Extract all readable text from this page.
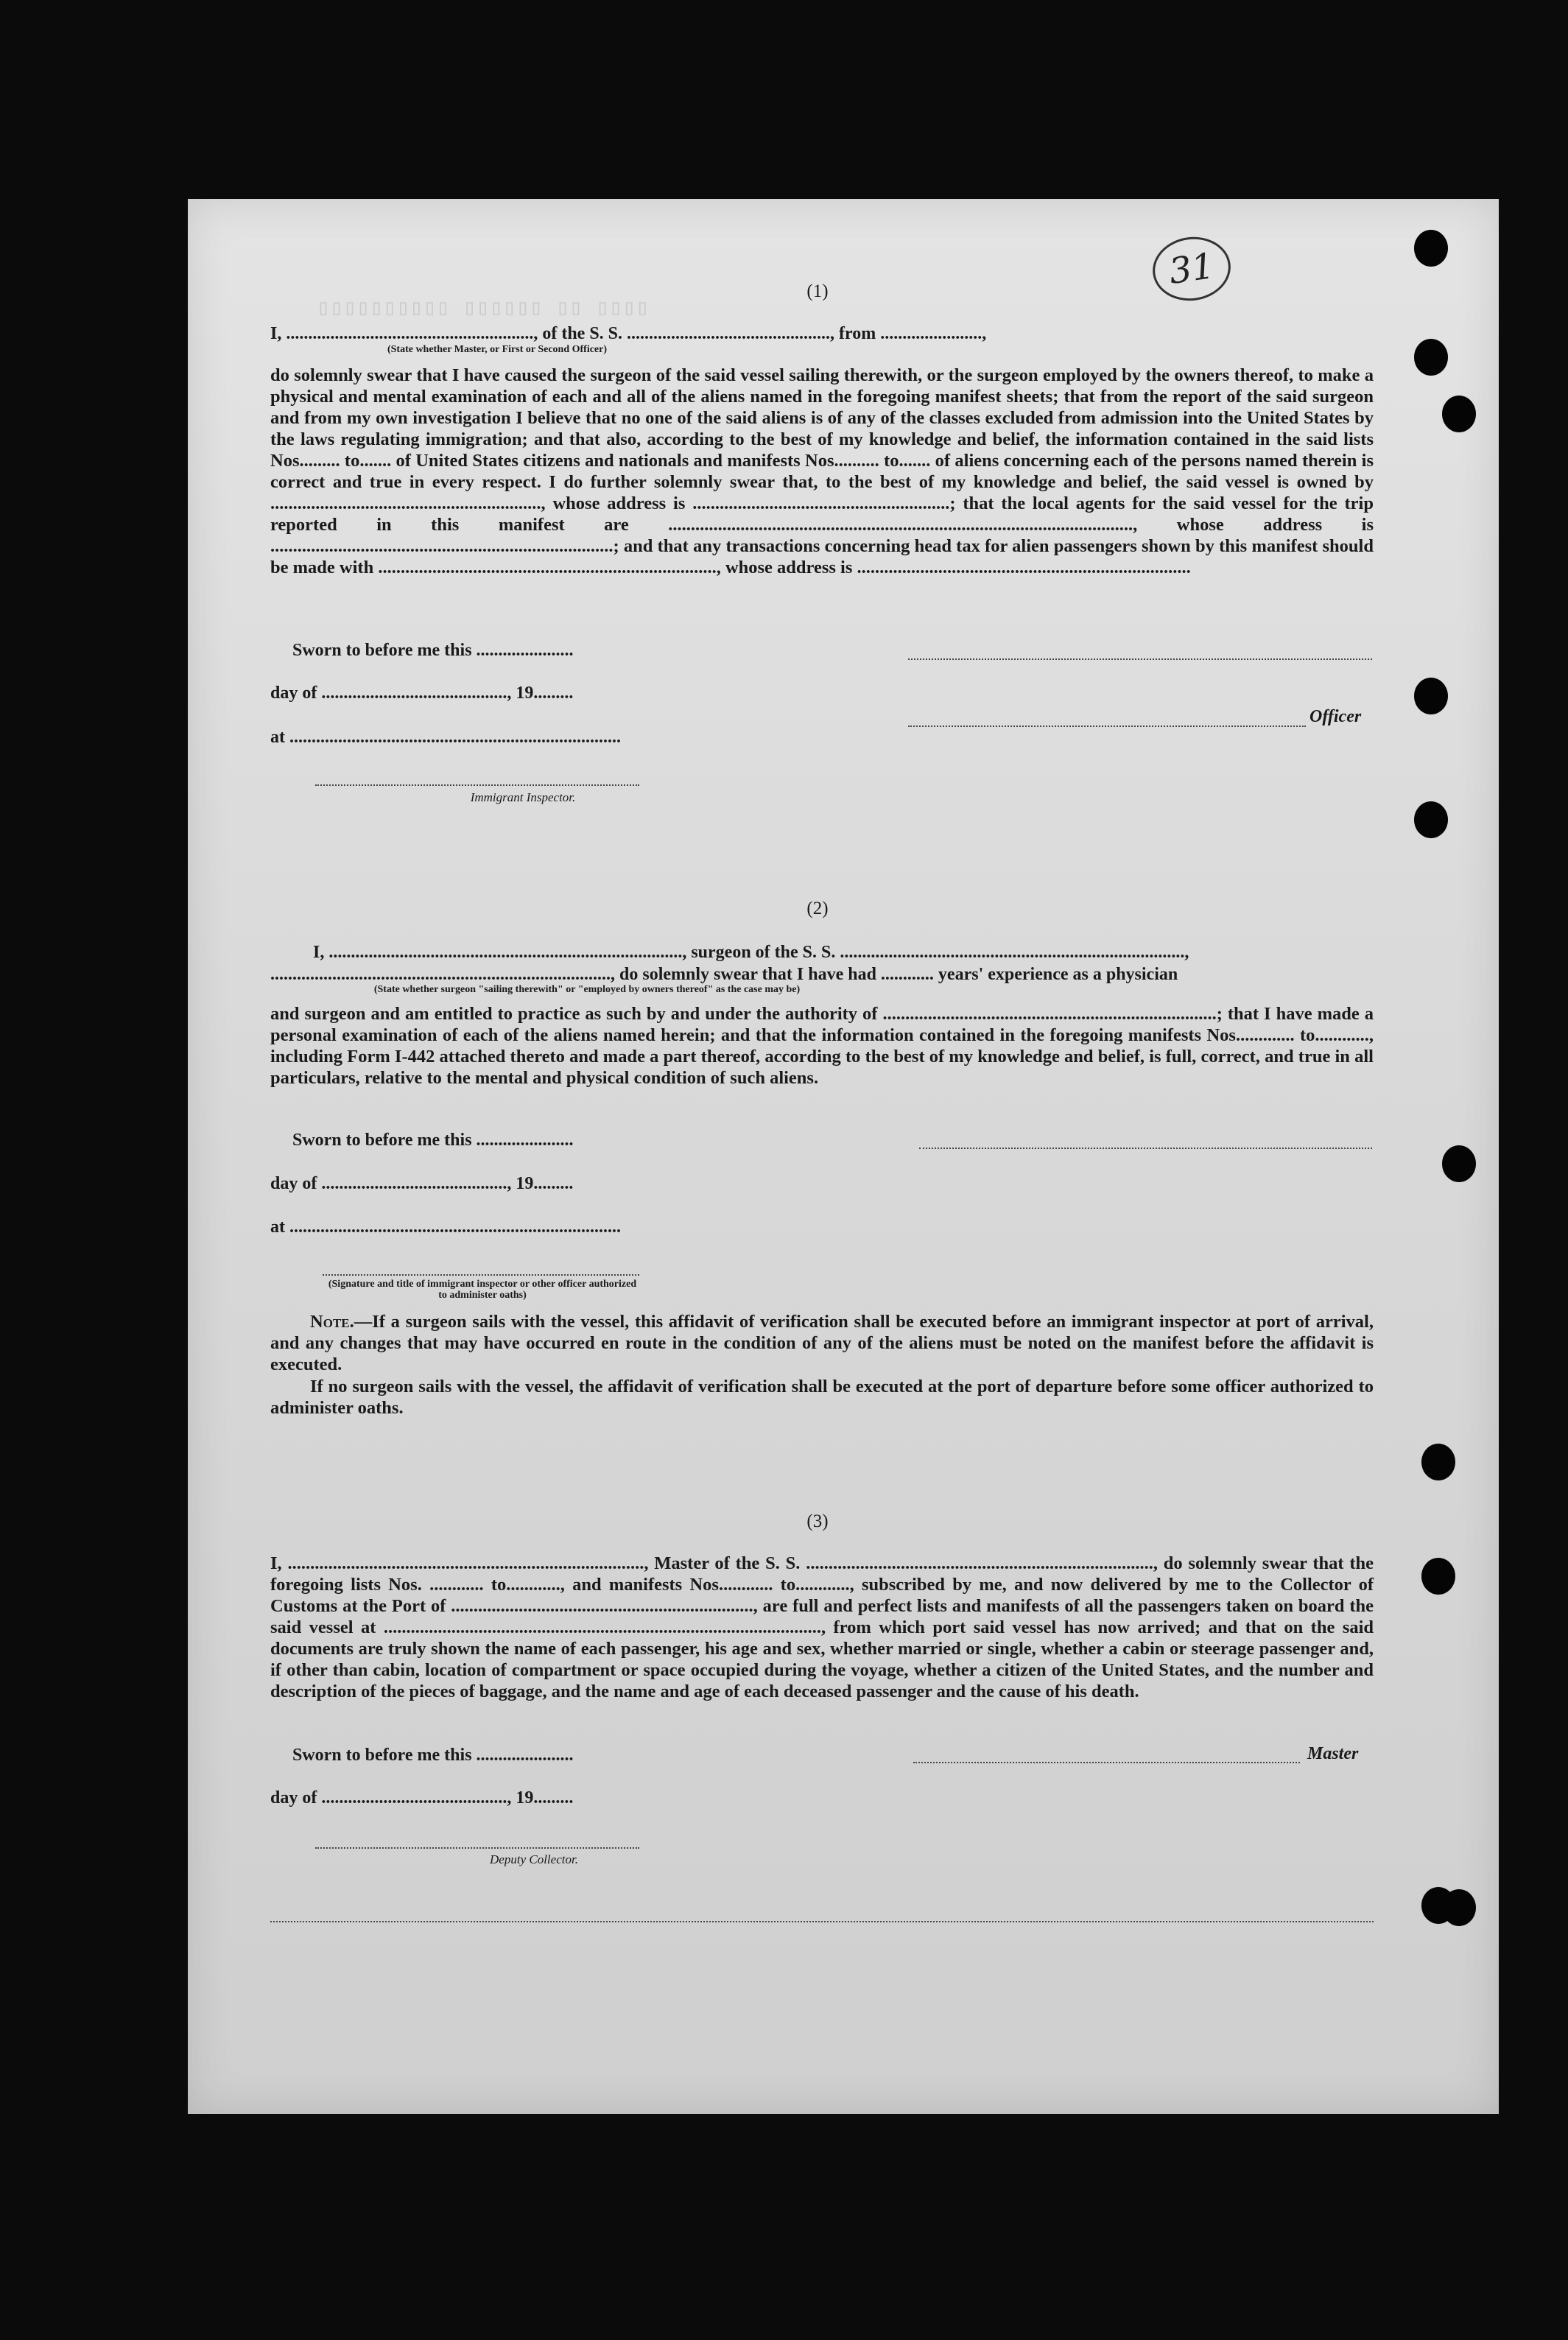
31
▯▯▯▯ ▯▯ ▯▯▯▯▯▯ ▯▯▯▯▯▯▯▯▯▯
(1)
I, ........................................................, of the S. S. .............................................., from .......................,
(State whether Master, or First or Second Officer)
do solemnly swear that I have caused the surgeon of the said vessel sailing therewith, or the surgeon employed by the owners thereof, to make a physical and mental examination of each and all of the aliens named in the foregoing manifest sheets; that from the report of the said surgeon and from my own investigation I believe that no one of the said aliens is of any of the classes excluded from admission into the United States by the laws regulating immigration; and that also, according to the best of my knowledge and belief, the information contained in the said lists Nos......... to....... of United States citizens and nationals and manifests Nos.......... to....... of aliens concerning each of the persons named therein is correct and true in every respect. I do further solemnly swear that, to the best of my knowledge and belief, the said vessel is owned by ............................................................, whose address is .........................................................; that the local agents for the said vessel for the trip reported in this manifest are ......................................................................................................., whose address is ............................................................................; and that any transactions concerning head tax for alien passengers shown by this manifest should be made with ..........................................................................., whose address is ..........................................................................
Sworn to before me this ......................
day of .........................................., 19.........
Officer
at ...........................................................................
Immigrant Inspector.
(2)
I, ................................................................................, surgeon of the S. S. ..............................................................................,
............................................................................., do solemnly swear that I have had ............ years' experience as a physician
(State whether surgeon "sailing therewith" or "employed by owners thereof" as the case may be)
and surgeon and am entitled to practice as such by and under the authority of ..........................................................................; that I have made a personal examination of each of the aliens named herein; and that the information contained in the foregoing manifests Nos............. to............, including Form I-442 attached thereto and made a part thereof, according to the best of my knowledge and belief, is full, correct, and true in all particulars, relative to the mental and physical condition of such aliens.
Sworn to before me this ......................
day of .........................................., 19.........
at ...........................................................................
(Signature and title of immigrant inspector or other officer authorized to administer oaths)
Note.—If a surgeon sails with the vessel, this affidavit of verification shall be executed before an immigrant inspector at port of arrival, and any changes that may have occurred en route in the condition of any of the aliens must be noted on the manifest before the affidavit is executed.
If no surgeon sails with the vessel, the affidavit of verification shall be executed at the port of departure before some officer authorized to administer oaths.
(3)
I, ..............................................................................., Master of the S. S. ............................................................................., do solemnly swear that the foregoing lists Nos. ............ to............, and manifests Nos............ to............, subscribed by me, and now delivered by me to the Collector of Customs at the Port of ..................................................................., are full and perfect lists and manifests of all the passengers taken on board the said vessel at ................................................................................................., from which port said vessel has now arrived; and that on the said documents are truly shown the name of each passenger, his age and sex, whether married or single, whether a cabin or steerage passenger and, if other than cabin, location of compartment or space occupied during the voyage, whether a citizen of the United States, and the number and description of the pieces of baggage, and the name and age of each deceased passenger and the cause of his death.
Sworn to before me this ......................	Master
day of .........................................., 19.........
Deputy Collector.
